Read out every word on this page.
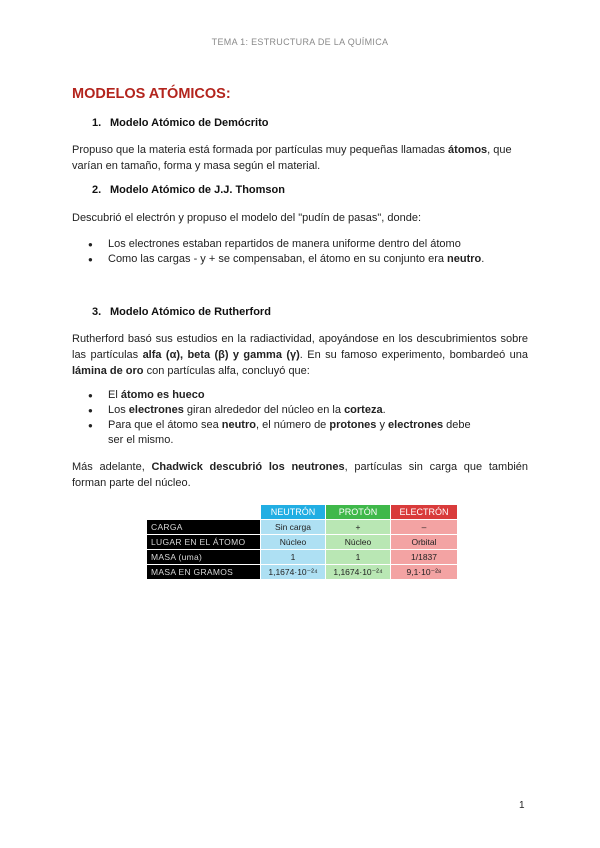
TEMA 1: ESTRUCTURA DE LA QUÍMICA
MODELOS ATÓMICOS:
1. Modelo Atómico de Demócrito

Propuso que la materia está formada por partículas muy pequeñas llamadas átomos, que varían en tamaño, forma y masa según el material.

2. Modelo Atómico de J.J. Thomson

Descubrió el electrón y propuso el modelo del "pudín de pasas", donde:

● Los electrones estaban repartidos de manera uniforme dentro del átomo
● Como las cargas - y + se compensaban, el átomo en su conjunto era neutro.
3. Modelo Atómico de Rutherford

Rutherford basó sus estudios en la radiactividad, apoyándose en los descubrimientos sobre las partículas alfa (α), beta (β) y gamma (γ). En su famoso experimento, bombardeó una lámina de oro con partículas alfa, concluyó que:

● El átomo es hueco
● Los electrones giran alrededor del núcleo en la corteza.
● Para que el átomo sea neutro, el número de protones y electrones debe ser el mismo.

Más adelante, Chadwick descubrió los neutrones, partículas sin carga que también forman parte del núcleo.

	NEUTRÓN	PROTÓN	ELECTRÓN
CARGA	Sin carga	+	–
LUGAR EN EL ÁTOMO	Núcleo	Núcleo	Orbital
MASA (uma)	1	1	1/1837
MASA EN GRAMOS	1,1674·10⁻²⁴	1,1674·10⁻²⁴	9,1·10⁻²⁸
1
